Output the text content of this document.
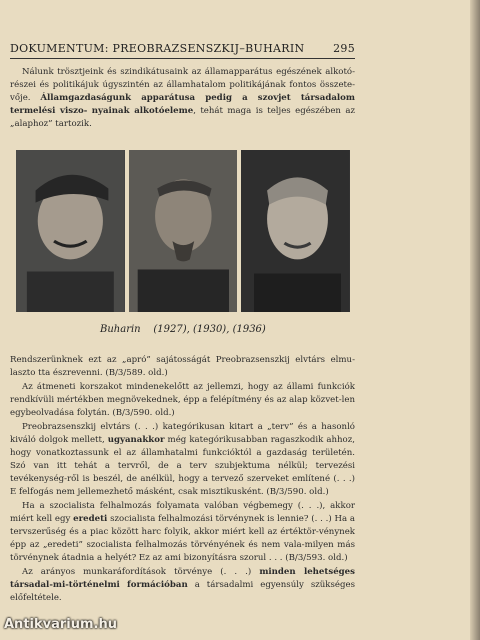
DOKUMENTUM: PREOBRAZSENSZKIJ–BUHARIN	295

Nálunk trösztjeink és szindikátusaink az államapparátus egészének alkotó- részei és politikájuk úgyszintén az államhatalom politikájának fontos összete- vője. Államgazdaságunk apparátusa pedig a szovjet társadalom termelési viszo- nyainak alkotóeleme, tehát maga is teljes egészében az „alaphoz” tartozik.

Buharin (1927), (1930), (1936)

Rendszerünknek ezt az „apró” sajátosságát Preobrazsenszkij elvtárs elmu-laszto tta észrevenni. (B/3/589. old.)

Az átmeneti korszakot mindenekelőtt az jellemzi, hogy az állami funkciók rendkívüli mértékben megnövekednek, épp a felépítmény és az alap közvet-len egybeolvadása folytán. (B/3/590. old.)

Preobrazsenszkij elvtárs (. . .) kategórikusan kitart a „terv” és a hasonló kiváló dolgok mellett, ugyanakkor még kategórikusabban ragaszkodik ahhoz, hogy vonatkoztassunk el az államhatalmi funkcióktól a gazdaság területén. Szó van itt tehát a tervről, de a terv szubjektuma nélkül; tervezési tevékenység-ről is beszél, de anélkül, hogy a tervező szerveket említené (. . .) E felfogás nem jellemezhető másként, csak misztikusként. (B/3/590. old.)

Ha a szocialista felhalmozás folyamata valóban végbemegy (. . .), akkor miért kell egy eredeti szocialista felhalmozási törvénynek is lennie? (. . .) Ha a tervszerűség és a piac között harc folyik, akkor miért kell az értéktör-vénynek épp az „eredeti” szocialista felhalmozás törvényének és nem vala-milyen más törvénynek átadnia a helyét? Ez az ami bizonyításra szorul . . . (B/3/593. old.)

Az arányos munkaráfordítások törvénye (. . .) minden lehetséges társadal-mi-történelmi formációban a társadalmi egyensúly szükséges előfeltétele.

Antikvarium.hu
